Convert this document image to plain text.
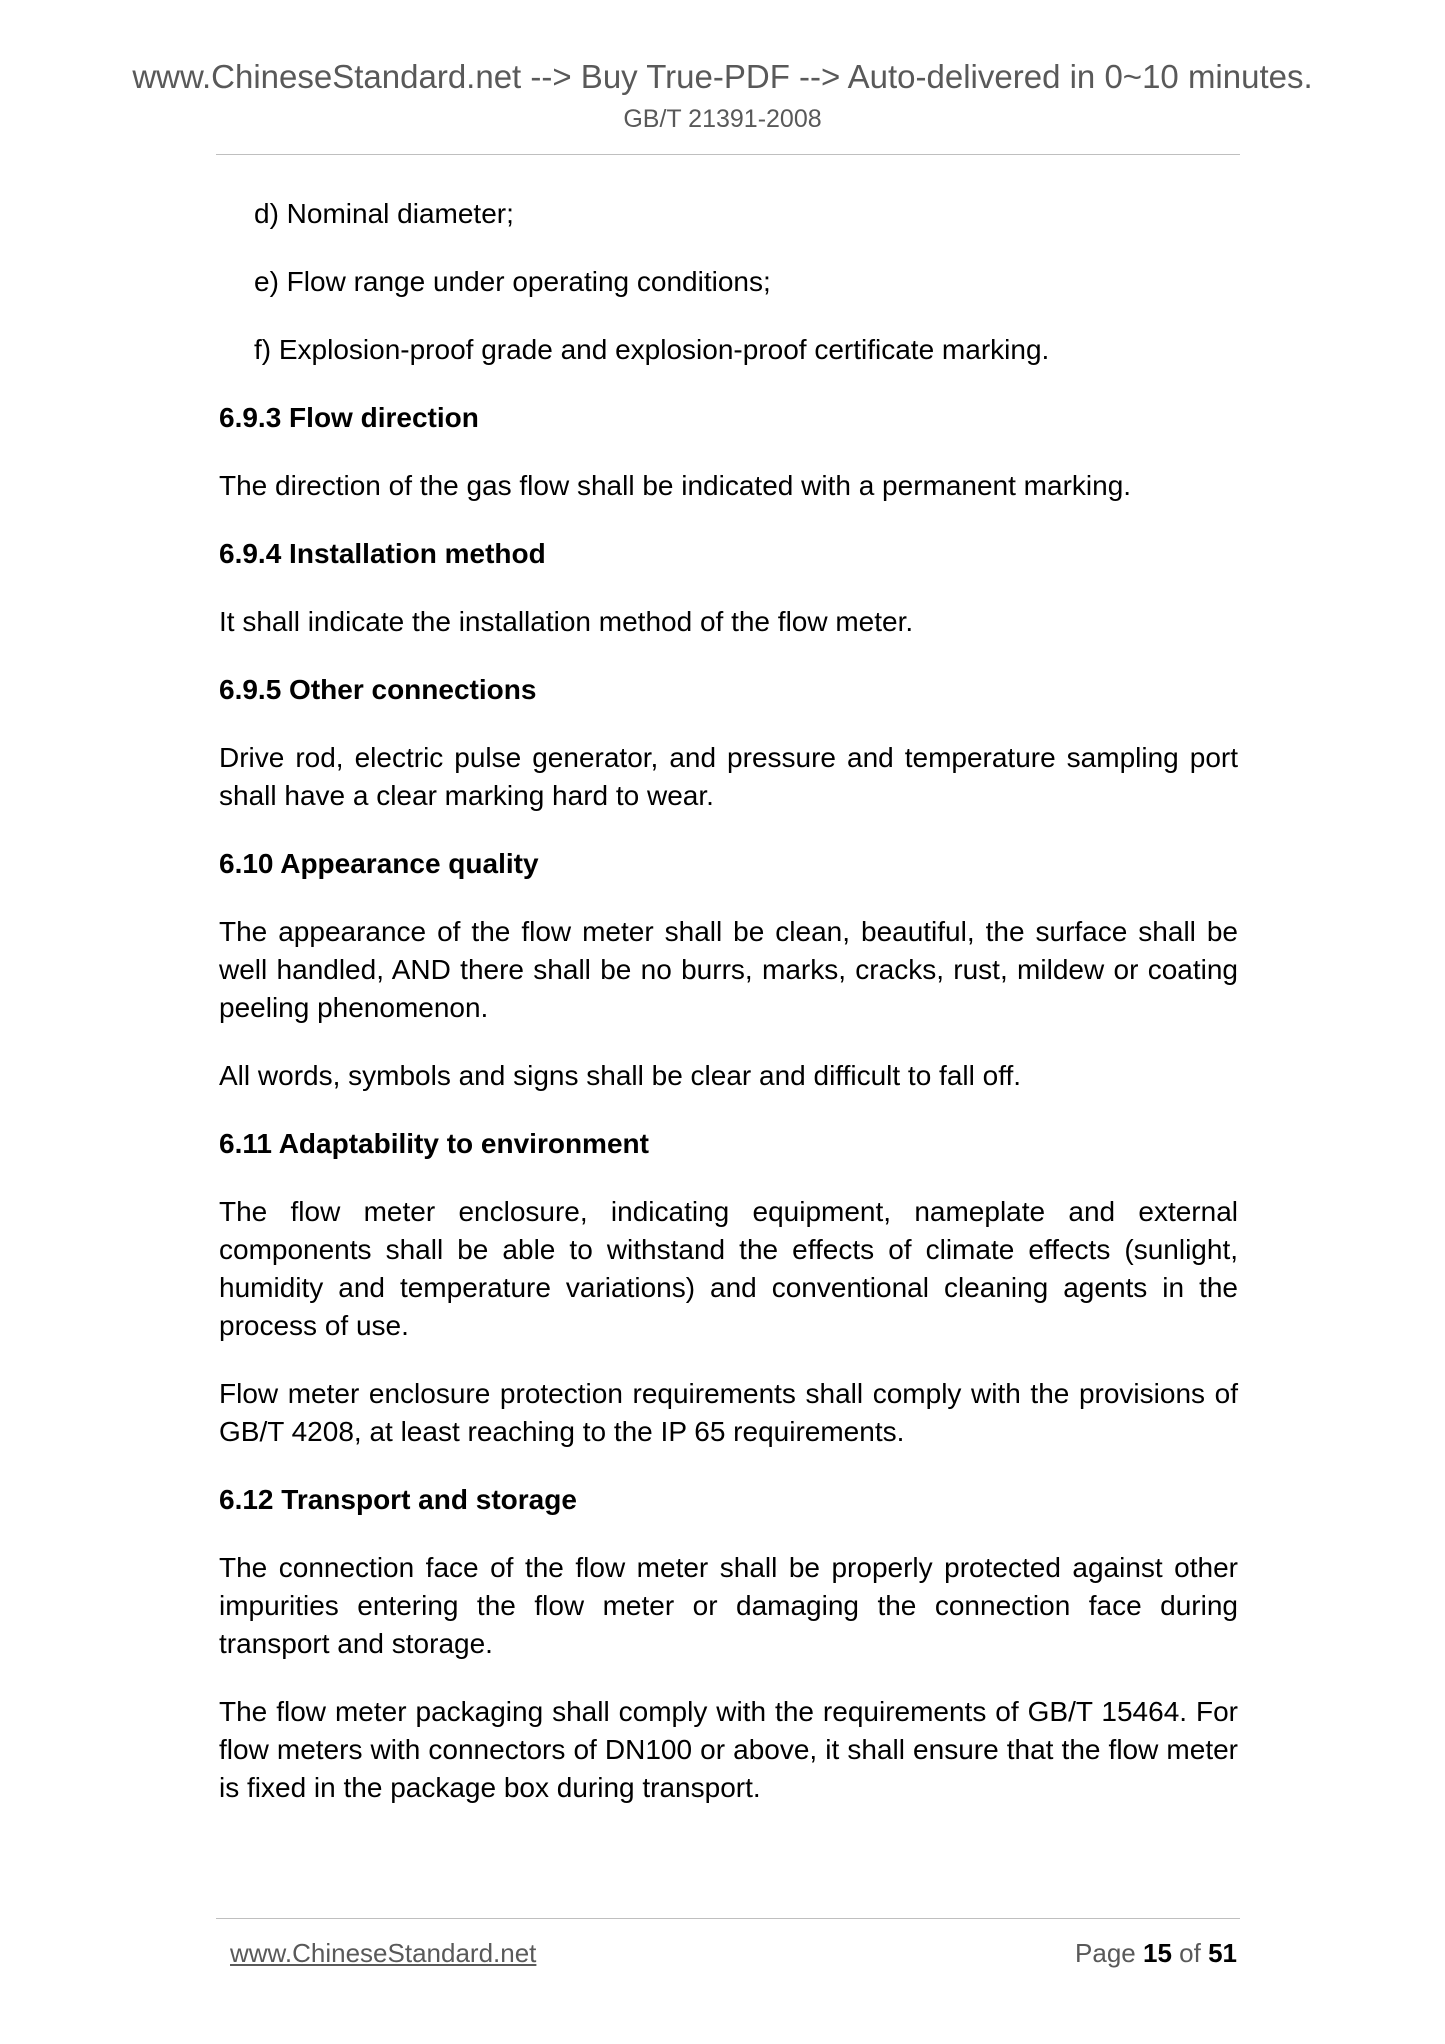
www.ChineseStandard.net --> Buy True-PDF --> Auto-delivered in 0~10 minutes.
GB/T 21391-2008

d) Nominal diameter;

e) Flow range under operating conditions;

f) Explosion-proof grade and explosion-proof certificate marking.

6.9.3 Flow direction

The direction of the gas flow shall be indicated with a permanent marking.

6.9.4 Installation method

It shall indicate the installation method of the flow meter.

6.9.5 Other connections

Drive rod, electric pulse generator, and pressure and temperature sampling port shall have a clear marking hard to wear.

6.10 Appearance quality

The appearance of the flow meter shall be clean, beautiful, the surface shall be well handled, AND there shall be no burrs, marks, cracks, rust, mildew or coating peeling phenomenon.

All words, symbols and signs shall be clear and difficult to fall off.

6.11 Adaptability to environment

The flow meter enclosure, indicating equipment, nameplate and external components shall be able to withstand the effects of climate effects (sunlight, humidity and temperature variations) and conventional cleaning agents in the process of use.

Flow meter enclosure protection requirements shall comply with the provisions of GB/T 4208, at least reaching to the IP 65 requirements.

6.12 Transport and storage

The connection face of the flow meter shall be properly protected against other impurities entering the flow meter or damaging the connection face during transport and storage.

The flow meter packaging shall comply with the requirements of GB/T 15464. For flow meters with connectors of DN100 or above, it shall ensure that the flow meter is fixed in the package box during transport.

www.ChineseStandard.net	Page 15 of 51
